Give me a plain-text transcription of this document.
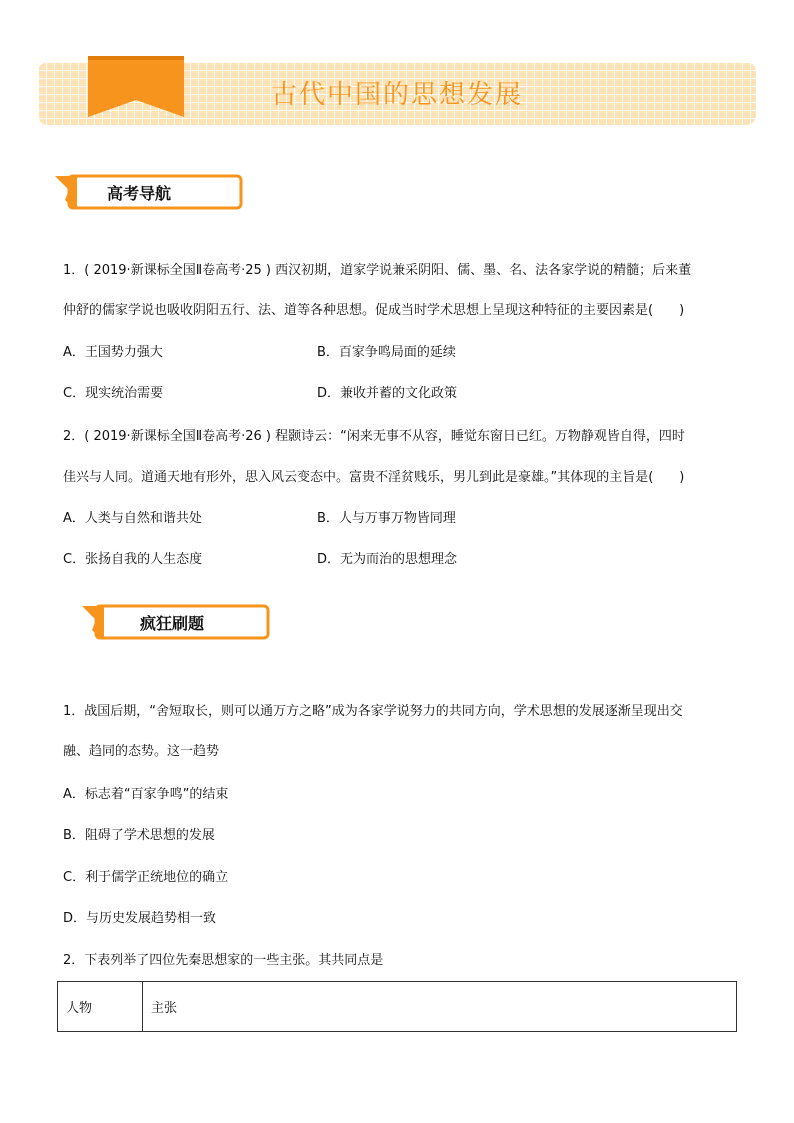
古代中国的思想发展
高考导航
1．( 2019·新课标全国Ⅱ卷高考·25 ) 西汉初期，道家学说兼采阴阳、儒、墨、名、法各家学说的精髓；后来董
仲舒的儒家学说也吸收阴阳五行、法、道等各种思想。促成当时学术思想上呈现这种特征的主要因素是(　　)
A．王国势力强大	B．百家争鸣局面的延续
C．现实统治需要	D．兼收并蓄的文化政策
2．( 2019·新课标全国Ⅱ卷高考·26 ) 程颢诗云：“闲来无事不从容，睡觉东窗日已红。万物静观皆自得，四时
佳兴与人同。道通天地有形外，思入风云变态中。富贵不淫贫贱乐，男儿到此是豪雄。”其体现的主旨是(　　)
A．人类与自然和谐共处	B．人与万事万物皆同理
C．张扬自我的人生态度	D．无为而治的思想理念
疯狂刷题
1．战国后期，“舍短取长，则可以通万方之略”成为各家学说努力的共同方向，学术思想的发展逐渐呈现出交
融、趋同的态势。这一趋势
A．标志着“百家争鸣”的结束
B．阻碍了学术思想的发展
C．利于儒学正统地位的确立
D．与历史发展趋势相一致
2．下表列举了四位先秦思想家的一些主张。其共同点是
人物	主张
